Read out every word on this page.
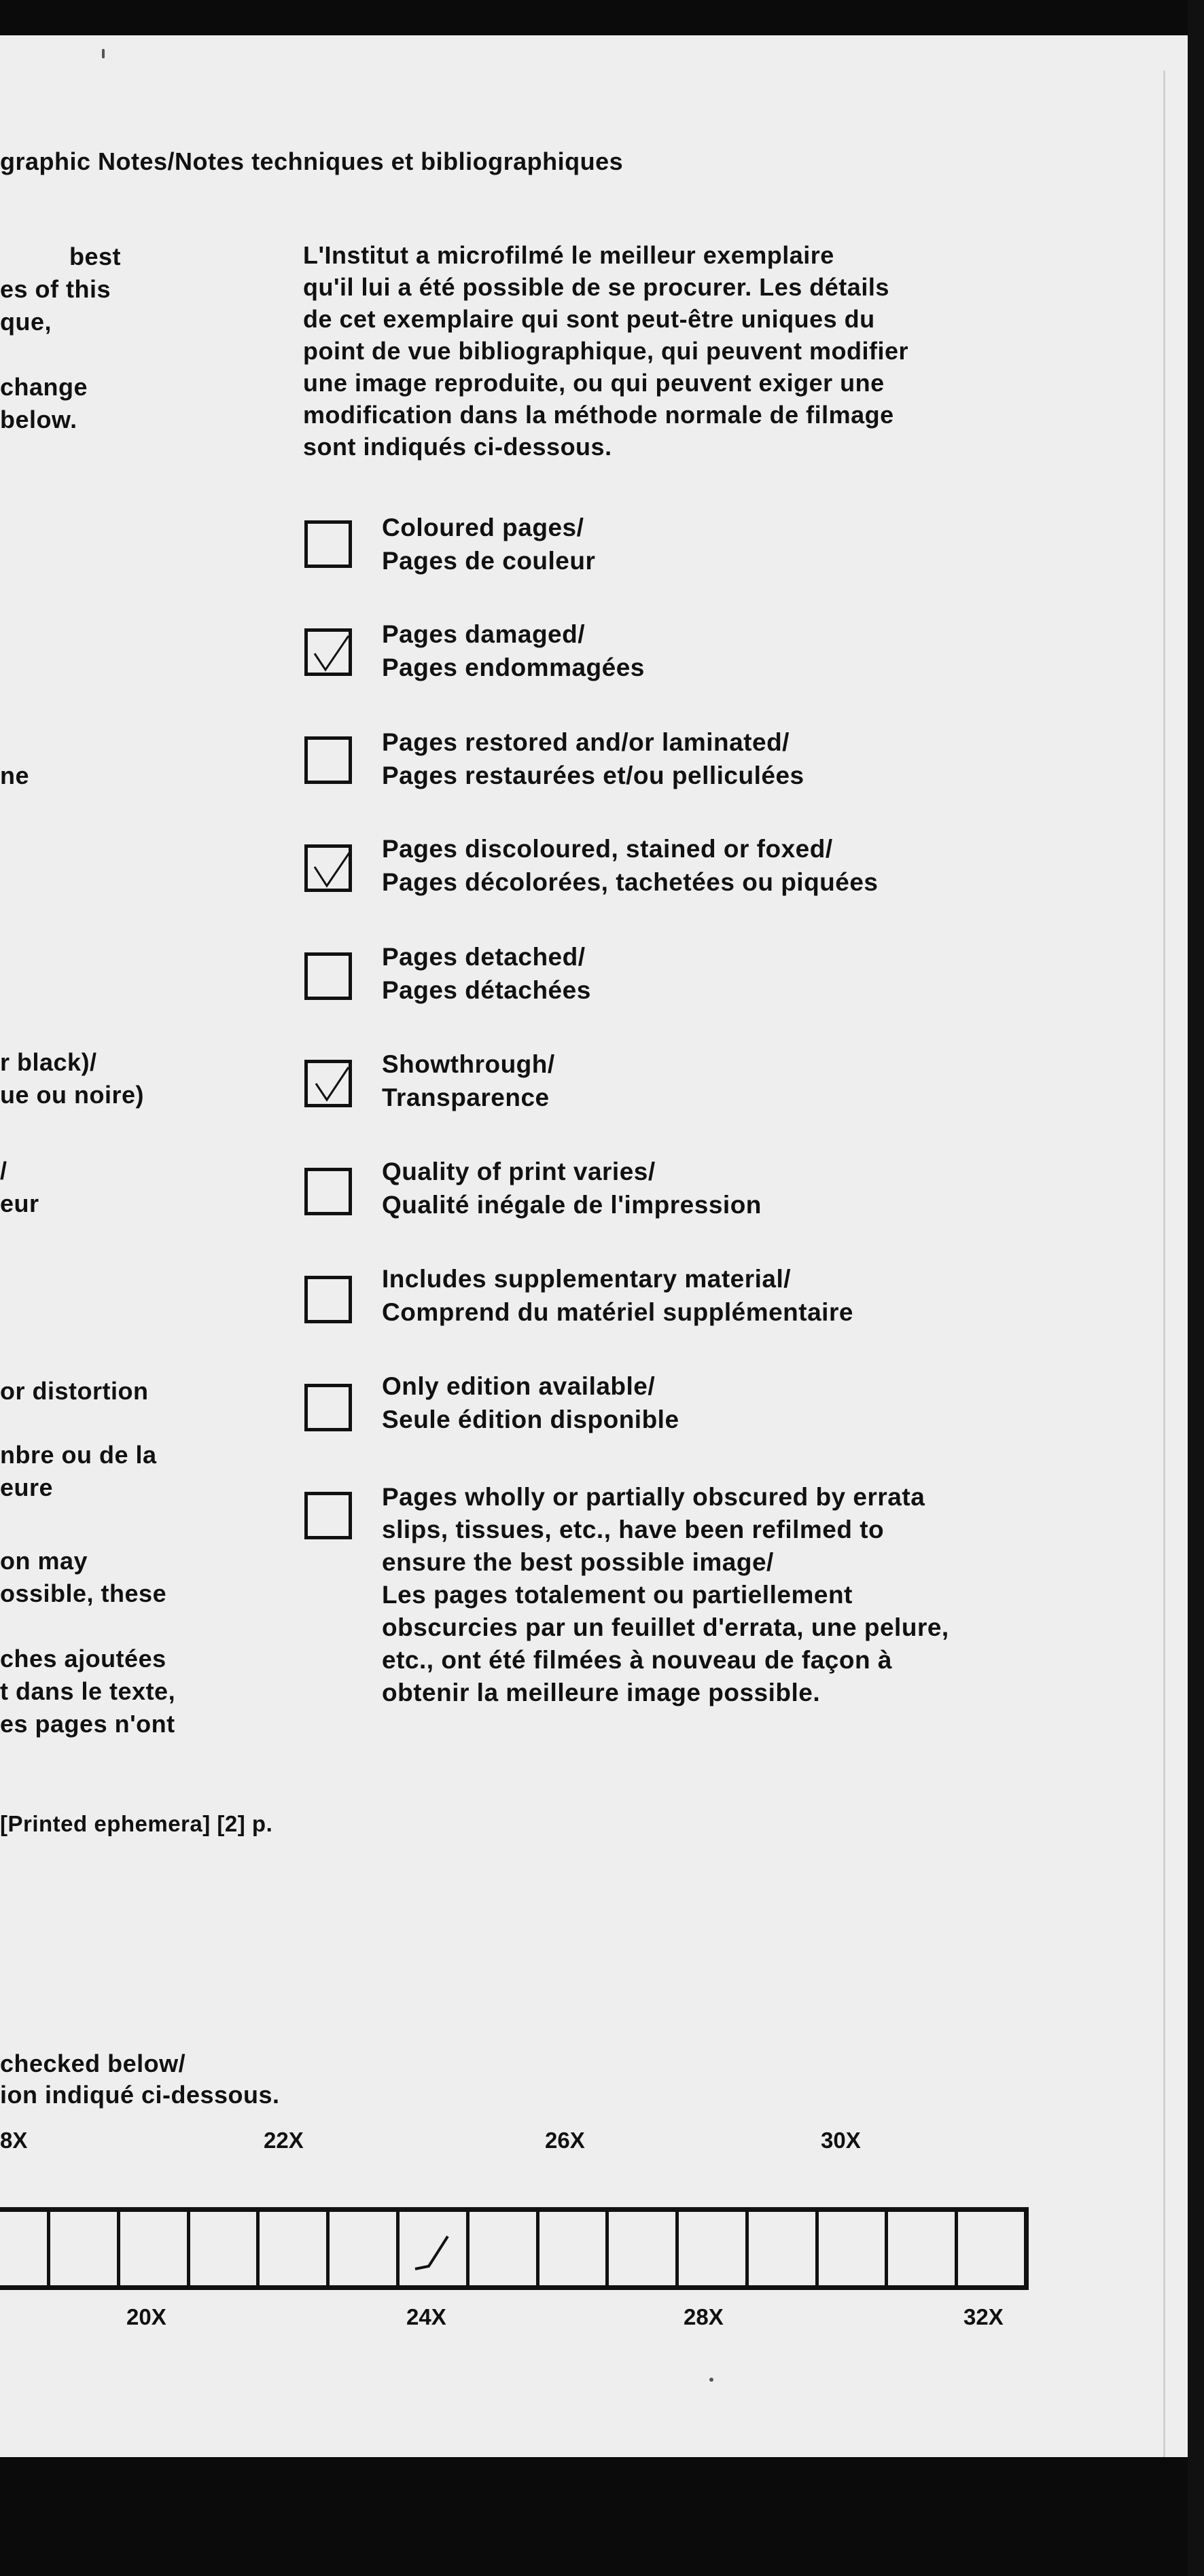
graphic Notes/Notes techniques et bibliographiques
best
es of this
que,
change
below.
ne
r black)/
ue ou noire)
/
eur
or distortion
nbre ou de la
eure
on may
ossible, these
ches ajoutées
t dans le texte,
es pages n'ont
L'Institut a microfilmé le meilleur exemplaire
qu'il lui a été possible de se procurer. Les détails
de cet exemplaire qui sont peut-être uniques du
point de vue bibliographique, qui peuvent modifier
une image reproduite, ou qui peuvent exiger une
modification dans la méthode normale de filmage
sont indiqués ci-dessous.
Coloured pages/
Pages de couleur
Pages damaged/
Pages endommagées
Pages restored and/or laminated/
Pages restaurées et/ou pelliculées
Pages discoloured, stained or foxed/
Pages décolorées, tachetées ou piquées
Pages detached/
Pages détachées
Showthrough/
Transparence
Quality of print varies/
Qualité inégale de l'impression
Includes supplementary material/
Comprend du matériel supplémentaire
Only edition available/
Seule édition disponible
Pages wholly or partially obscured by errata
slips, tissues, etc., have been refilmed to
ensure the best possible image/
Les pages totalement ou partiellement
obscurcies par un feuillet d'errata, une pelure,
etc., ont été filmées à nouveau de façon à
obtenir la meilleure image possible.
[Printed ephemera] [2] p.
checked below/
ion indiqué ci-dessous.
8X	22X	26X	30X
20X	24X	28X	32X
